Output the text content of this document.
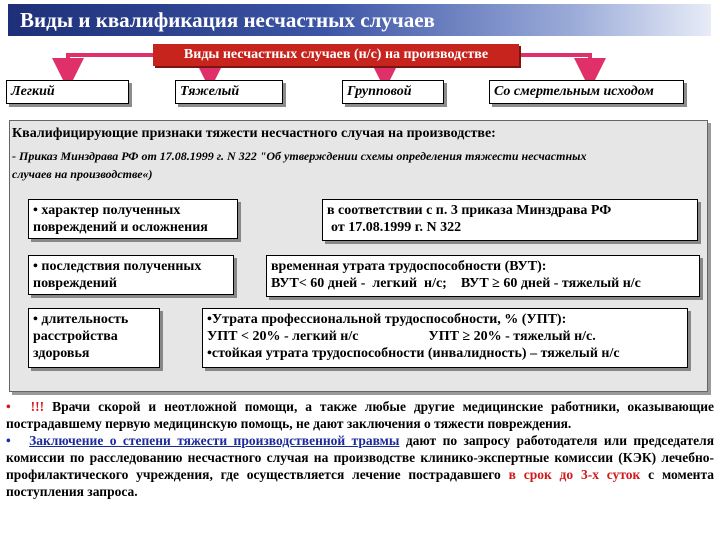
Виды и квалификация несчастных случаев
Виды несчастных случаев (н/с) на производстве
Легкий	Тяжелый	Групповой	Со смертельным исходом
Квалифицирующие признаки тяжести несчастного случая на производстве:
- Приказ Минздрава РФ от 17.08.1999 г. N 322 "Об утверждении схемы определения тяжести несчастных
случаев на производстве«)
• характер полученных
повреждений и осложнения
в соответствии с п. 3 приказа Минздрава РФ
от 17.08.1999 г. N 322
• последствия полученных
повреждений
временная утрата трудоспособности (ВУТ):
ВУТ< 60 дней -  легкий  н/с;    ВУТ ≥ 60 дней - тяжелый н/с
• длительность
расстройства
здоровья
•Утрата профессиональной трудоспособности, % (УПТ):
УПТ < 20% - легкий н/с                    УПТ ≥ 20% - тяжелый н/с.
•стойкая утрата трудоспособности (инвалидность) – тяжелый н/с
• !!! Врачи скорой и неотложной помощи, а также любые другие медицинские работники, оказывающие пострадавшему первую медицинскую помощь, не дают заключения о тяжести повреждения.
• Заключение о степени тяжести производственной травмы дают по запросу работодателя или председателя комиссии по расследованию несчастного случая на производстве клинико-экспертные комиссии (КЭК) лечебно-профилактического учреждения, где осуществляется лечение пострадавшего в срок до 3-х суток с момента поступления запроса.
